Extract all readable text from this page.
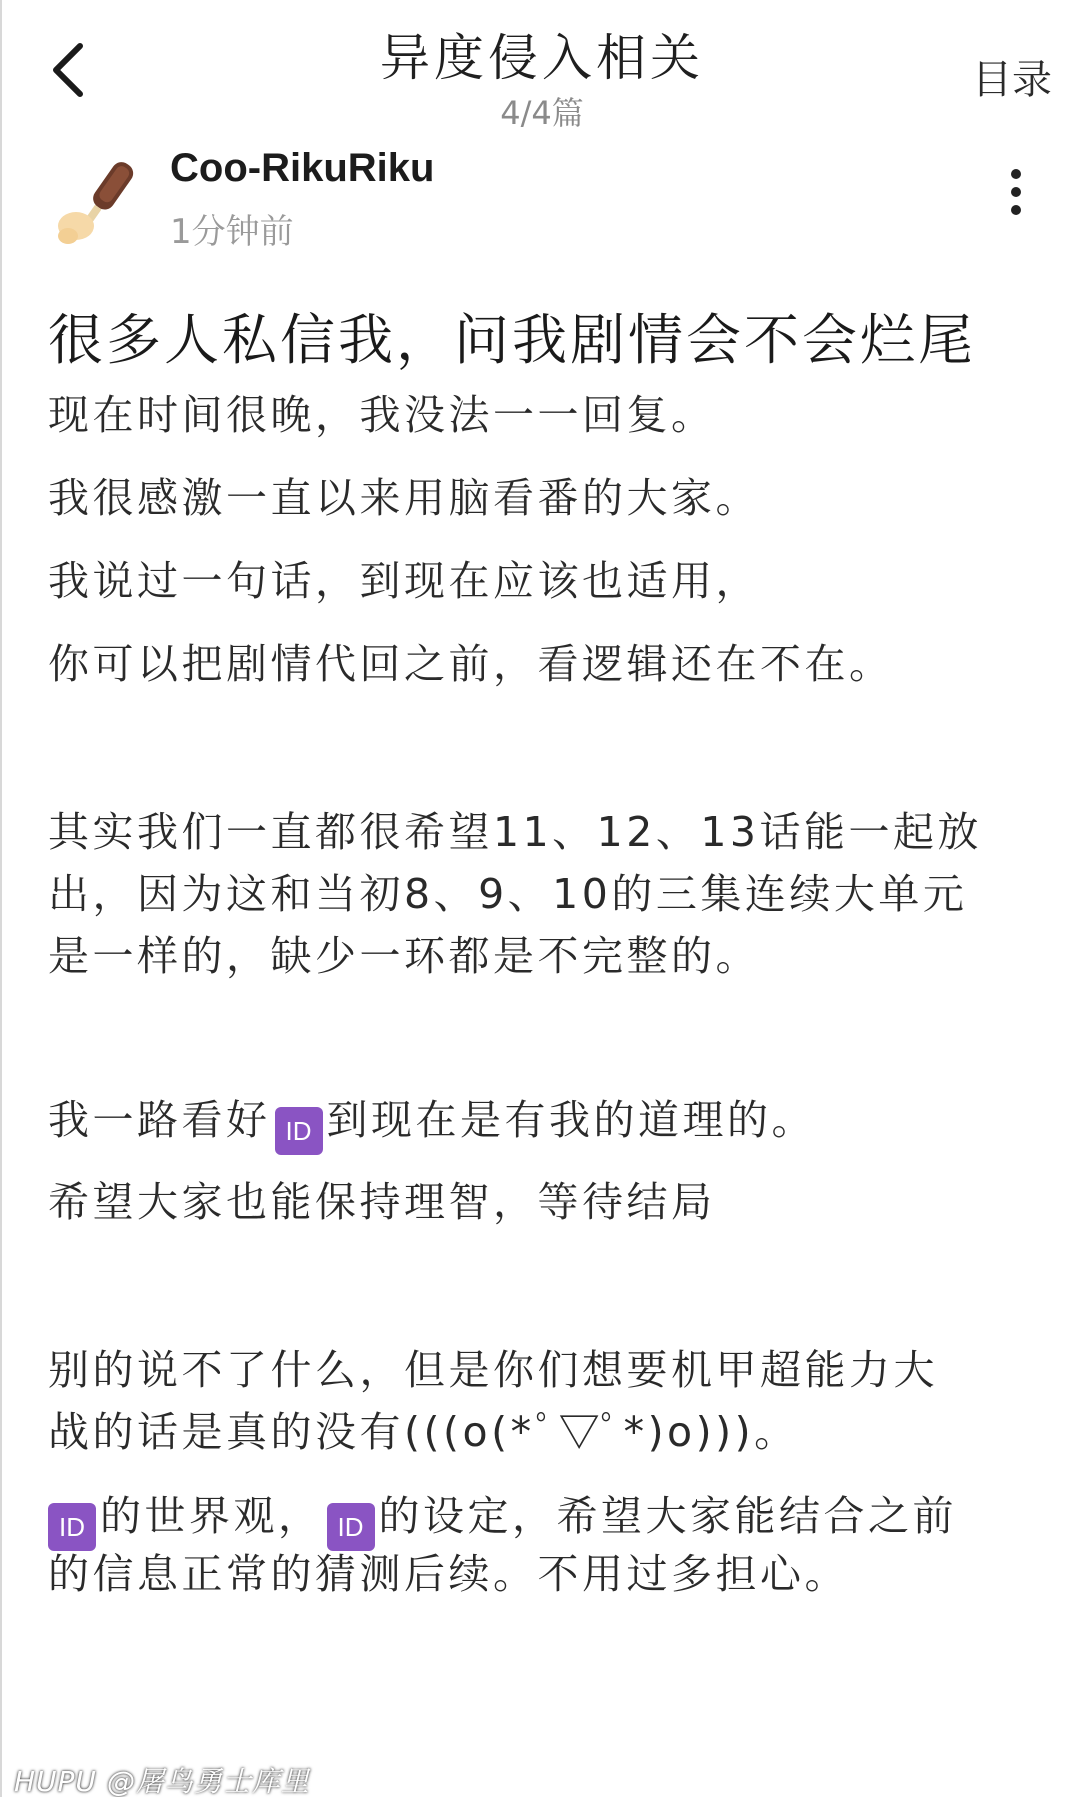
异度侵入相关
4/4篇
目录
Coo-RikuRiku
1分钟前
很多人私信我，问我剧情会不会烂尾
现在时间很晚，我没法一一回复。
我很感激一直以来用脑看番的大家。
我说过一句话，到现在应该也适用，
你可以把剧情代回之前，看逻辑还在不在。
其实我们一直都很希望11、12、13话能一起放
出，因为这和当初8、9、10的三集连续大单元
是一样的，缺少一环都是不完整的。
我一路看好 ID 到现在是有我的道理的。
希望大家也能保持理智，等待结局
别的说不了什么，但是你们想要机甲超能力大
战的话是真的没有(((o(*ﾟ▽ﾟ*)o)))。
ID 的世界观， ID 的设定，希望大家能结合之前
的信息正常的猜测后续。不用过多担心。
HUPU @屠鸟勇士库里
